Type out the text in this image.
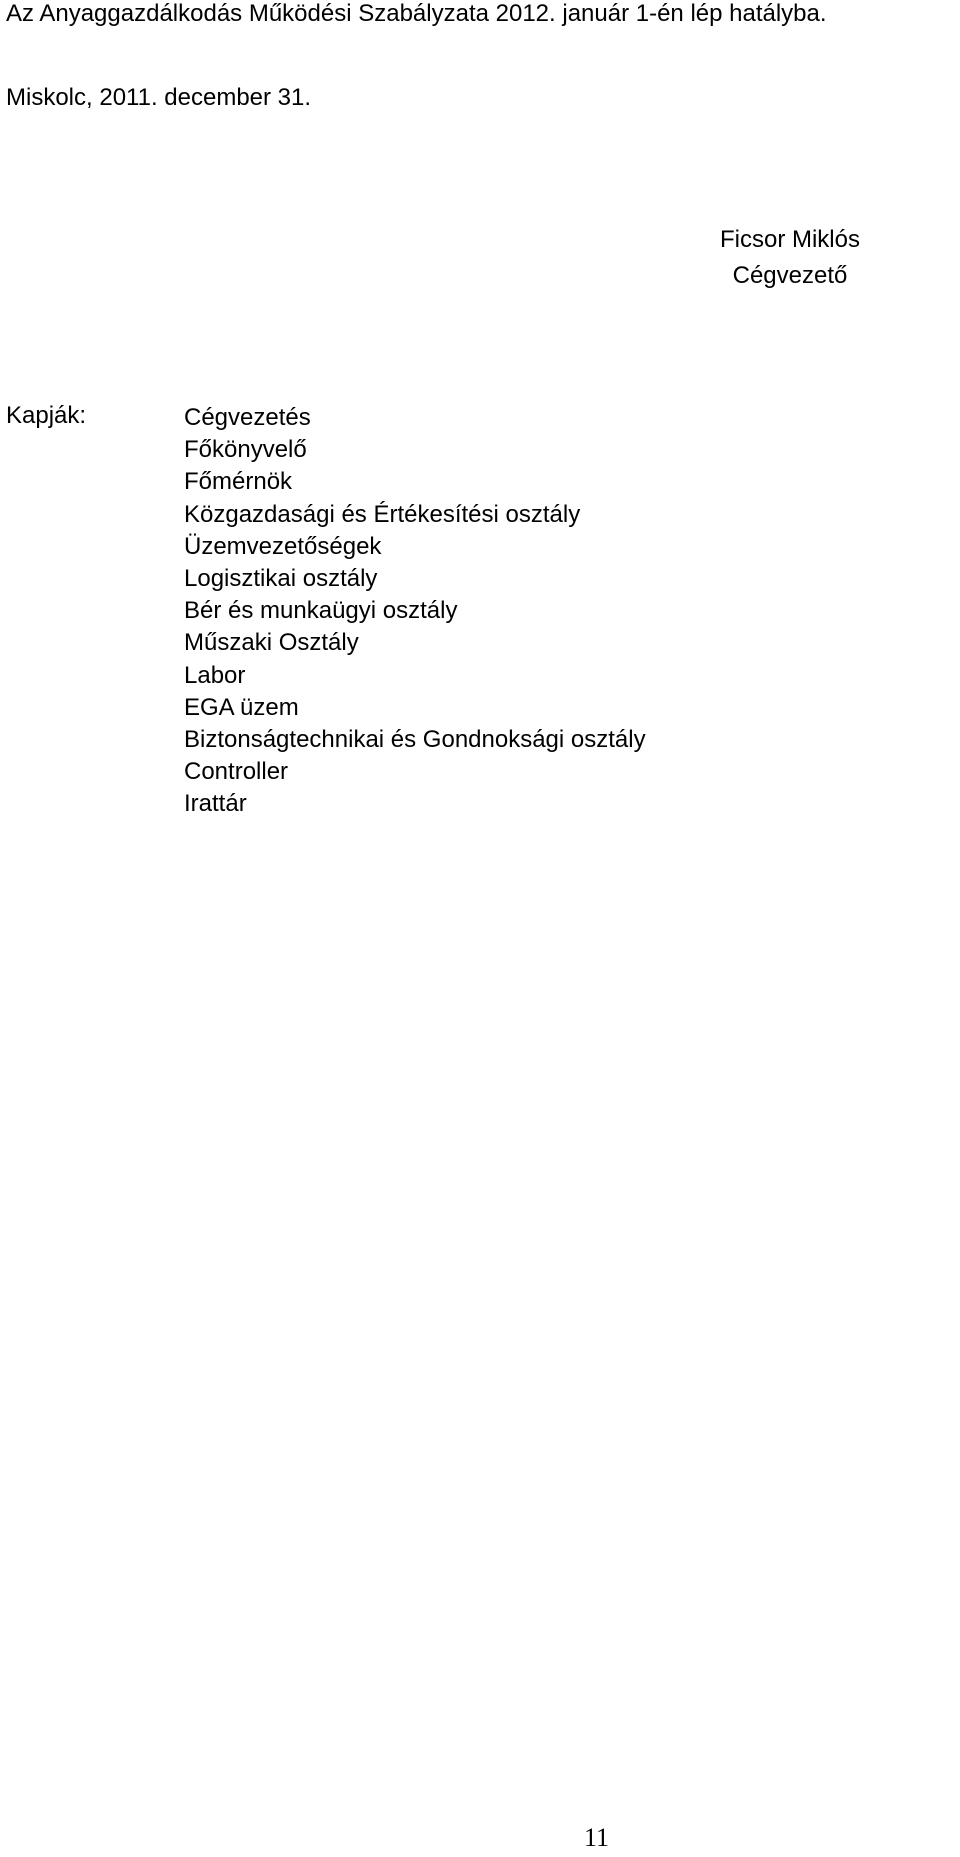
Az Anyaggazdálkodás Működési Szabályzata 2012. január 1-én lép hatályba.

Miskolc, 2011. december 31.

Ficsor Miklós
Cégvezető

Kapják:	Cégvezetés
Főkönyvelő
Főmérnök
Közgazdasági és Értékesítési osztály
Üzemvezetőségek
Logisztikai osztály
Bér és munkaügyi osztály
Műszaki Osztály
Labor
EGA üzem
Biztonságtechnikai és Gondnoksági osztály
Controller
Irattár

11
